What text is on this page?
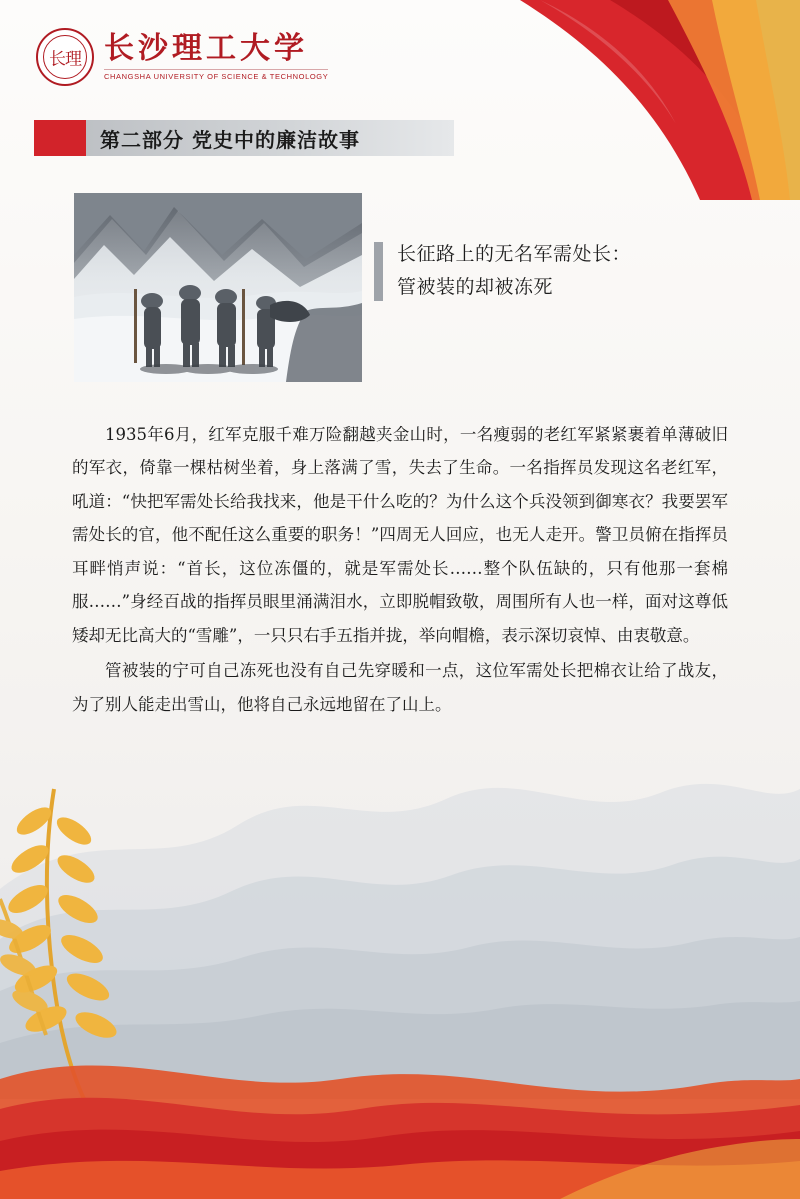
长理 长沙理工大学
CHANGSHA UNIVERSITY OF SCIENCE & TECHNOLOGY
第二部分 党史中的廉洁故事
长征路上的无名军需处长：
管被装的却被冻死

1935年6月，红军克服千难万险翻越夹金山时，一名瘦弱的老红军紧紧裹着单薄破旧的军衣，倚靠一棵枯树坐着，身上落满了雪，失去了生命。一名指挥员发现这名老红军，吼道：“快把军需处长给我找来，他是干什么吃的？为什么这个兵没领到御寒衣？我要罢军需处长的官，他不配任这么重要的职务！”四周无人回应，也无人走开。警卫员俯在指挥员耳畔悄声说：“首长，这位冻僵的，就是军需处长……整个队伍缺的，只有他那一套棉服……”身经百战的指挥员眼里涌满泪水，立即脱帽致敬，周围所有人也一样，面对这尊低矮却无比高大的“雪雕”，一只只右手五指并拢，举向帽檐，表示深切哀悼、由衷敬意。

管被装的宁可自己冻死也没有自己先穿暖和一点，这位军需处长把棉衣让给了战友，为了别人能走出雪山，他将自己永远地留在了山上。
